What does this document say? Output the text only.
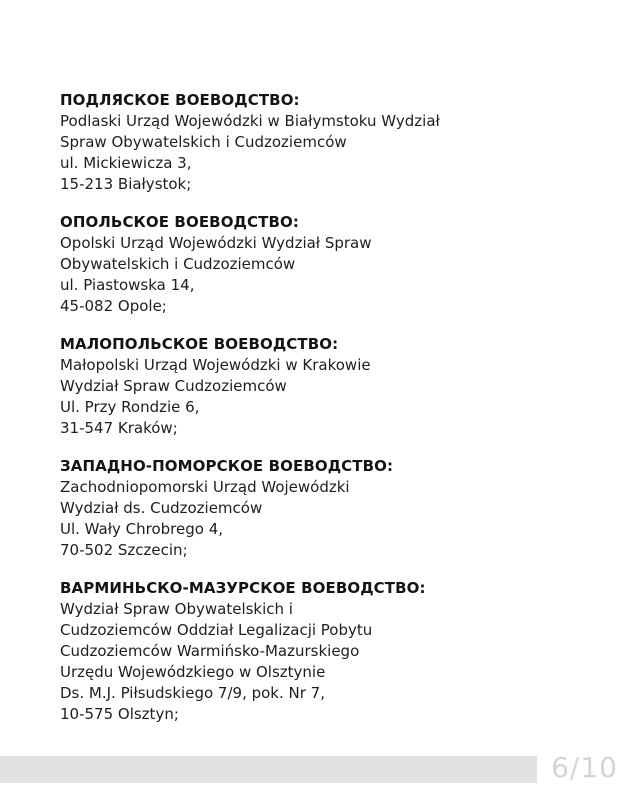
ПОДЛЯСКОЕ ВОЕВОДСТВО:

Podlaski Urząd Wojewódzki w Białymstoku Wydział

Spraw Obywatelskich i Cudzoziemców

ul. Mickiewicza 3,

15-213 Białystok;

ОПОЛЬСКОЕ ВОЕВОДСТВО:

Opolski Urząd Wojewódzki Wydział Spraw

Obywatelskich i Cudzoziemców

ul. Piastowska 14,

45-082 Opole;

МАЛОПОЛЬСКОЕ ВОЕВОДСТВО:

Małopolski Urząd Wojewódzki w Krakowie

Wydział Spraw Cudzoziemców

Ul. Przy Rondzie 6,

31-547 Kraków;

ЗАПАДНО-ПОМОРСКОЕ ВОЕВОДСТВО:

Zachodniopomorski Urząd Wojewódzki

Wydział ds. Cudzoziemców

Ul. Wały Chrobrego 4,

70-502 Szczecin;

ВАРМИНЬСКО-МАЗУРСКОЕ ВОЕВОДСТВО:

Wydział Spraw Obywatelskich i

Cudzoziemców Oddział Legalizacji Pobytu

Cudzoziemców Warmińsko-Mazurskiego

Urzędu Wojewódzkiego w Olsztynie

Ds. M.J. Piłsudskiego 7/9, pok. Nr 7,

10-575 Olsztyn;

6/10
